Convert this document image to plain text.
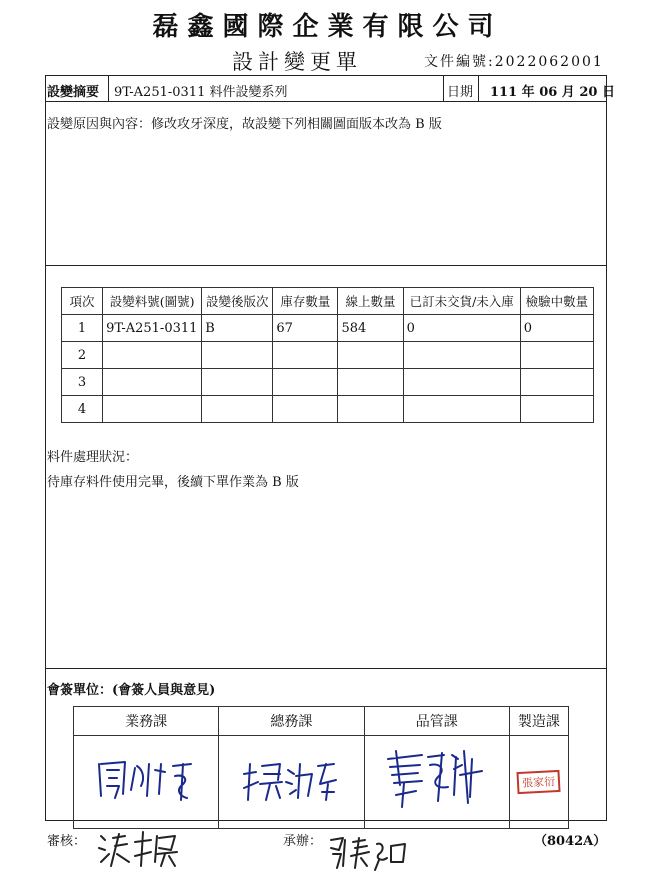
磊鑫國際企業有限公司
設計變更單	文件編號:2022062001
設變摘要 9T-A251-0311 料件設變系列	日期 111 年 06 月 20 日
設變原因與內容：修改攻牙深度，故設變下列相關圖面版本改為 B 版
項次	設變料號(圖號)	設變後版次	庫存數量	線上數量	已訂未交貨/未入庫	檢驗中數量
1	9T-A251-0311	B	67	584	0	0
2						
3						
4						
料件處理狀況：
待庫存料件使用完畢，後續下單作業為 B 版
會簽單位：(會簽人員與意見)
業務課	總務課	品管課	製造課
			張家衍
審核：	承辦：	（8042A）
